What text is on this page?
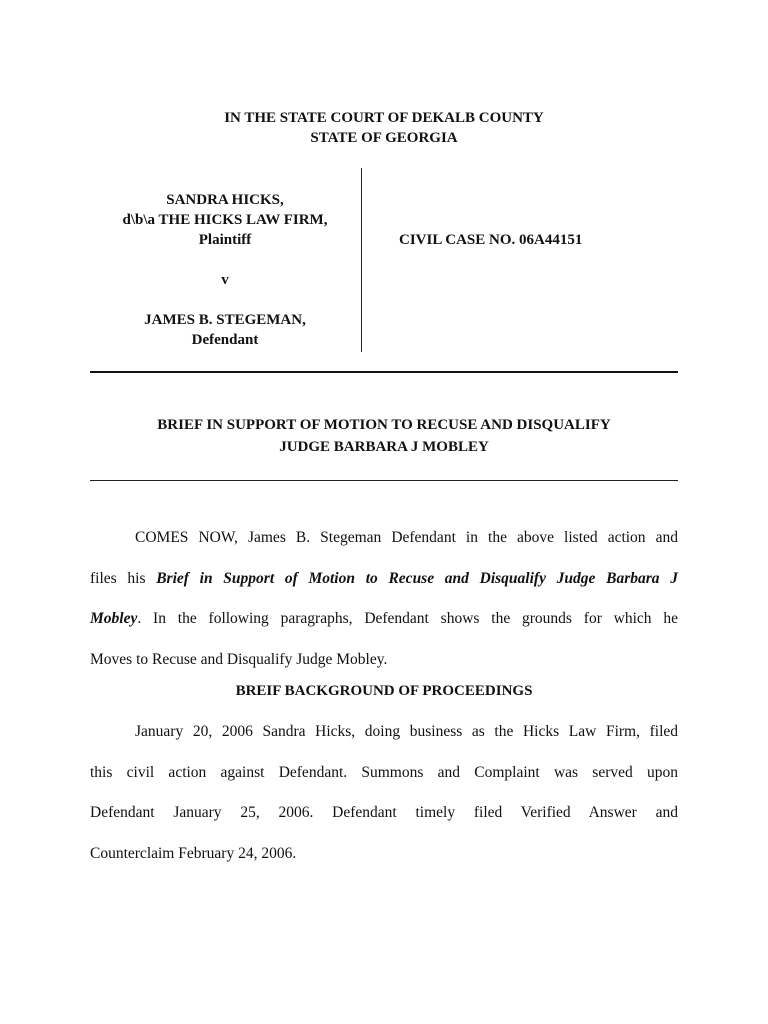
IN THE STATE COURT OF DEKALB COUNTY
STATE OF GEORGIA
SANDRA HICKS,
d\b\a THE HICKS LAW FIRM,
Plaintiff
v
JAMES B. STEGEMAN,
Defendant
CIVIL CASE NO. 06A44151
BRIEF IN SUPPORT OF MOTION TO RECUSE AND DISQUALIFY
JUDGE BARBARA J MOBLEY
COMES NOW, James B. Stegeman Defendant in the above listed action and
files his Brief in Support of Motion to Recuse and Disqualify Judge Barbara J
Mobley. In the following paragraphs, Defendant shows the grounds for which he
Moves to Recuse and Disqualify Judge Mobley.
BREIF BACKGROUND OF PROCEEDINGS
January 20, 2006 Sandra Hicks, doing business as the Hicks Law Firm, filed
this civil action against Defendant. Summons and Complaint was served upon
Defendant January 25, 2006. Defendant timely filed Verified Answer and
Counterclaim February 24, 2006.
